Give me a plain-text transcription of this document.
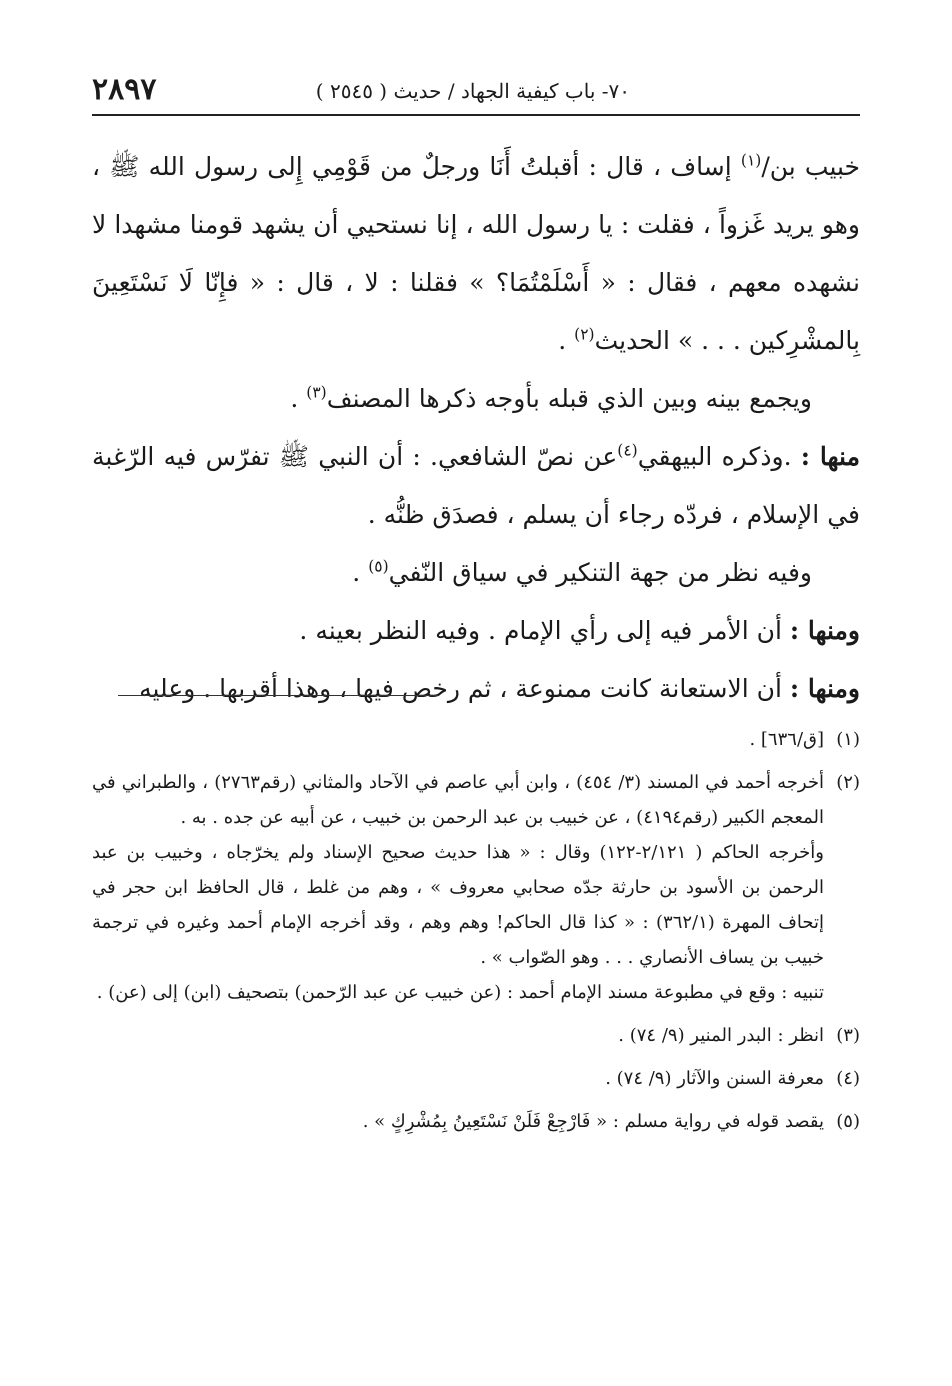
٢٨٩٧	٧٠- باب كيفية الجهاد / حديث ( ٢٥٤٥ )

خبيب بن/$^{(١)}$ إساف ، قال : أقبلتُ أَنَا ورجلٌ من قَوْمِي إِلى رسول الله ﷺ ، وهو يريد غَزواً ، فقلت : يا رسول الله ، إنا نستحيي أن يشهد قومنا مشهدا لا نشهده معهم ، فقال : « أَسْلَمْتُمَا؟ » فقلنا : لا ، قال : « فإِنّا لَا نَسْتَعِينَ بِالمشْرِكين . . . » الحديث$^{(٢)}$ .

ويجمع بينه وبين الذي قبله بأوجه ذكرها المصنف$^{(٣)}$ .

منها : .وذكره البيهقي$^{(٤)}$عن نصّ الشافعي. : أن النبي ﷺ تفرّس فيه الرّغبة في الإسلام ، فردّه رجاء أن يسلم ، فصدَق ظنُّه .

وفيه نظر من جهة التنكير في سياق النّفي$^{(٥)}$ .

ومنها : أن الأمر فيه إلى رأي الإمام . وفيه النظر بعينه .

ومنها : أن الاستعانة كانت ممنوعة ، ثم رخص فيها ، وهذا أقربها . وعليه

(١)

[ق/٦٣٦] .

(٢)

أخرجه أحمد في المسند (٣/ ٤٥٤) ، وابن أبي عاصم في الآحاد والمثاني (رقم٢٧٦٣) ، والطبراني في المعجم الكبير (رقم٤١٩٤) ، عن خبيب بن عبد الرحمن بن خبيب ، عن أبيه عن جده . به .

وأخرجه الحاكم ( ٢/١٢١-١٢٢) وقال : « هذا حديث صحيح الإسناد ولم يخرّجاه ، وخبيب بن عبد الرحمن بن الأسود بن حارثة جدّه صحابي معروف » ، وهم من غلط ، قال الحافظ ابن حجر في إتحاف المهرة (٣٦٢/١) : « كذا قال الحاكم! وهم وهم ، وقد أخرجه الإمام أحمد وغيره في ترجمة خبيب بن يساف الأنصاري . . . وهو الصّواب » .

تنبيه : وقع في مطبوعة مسند الإمام أحمد : (عن خبيب عن عبد الرّحمن) بتصحيف (ابن) إلى (عن) .

(٣)

انظر : البدر المنير (٩/ ٧٤) .

(٤)

معرفة السنن والآثار (٩/ ٧٤) .

(٥)

يقصد قوله في رواية مسلم : « فَارْجِعْ فَلَنْ نَسْتَعِينُ بِمُشْرِكٍ » .
